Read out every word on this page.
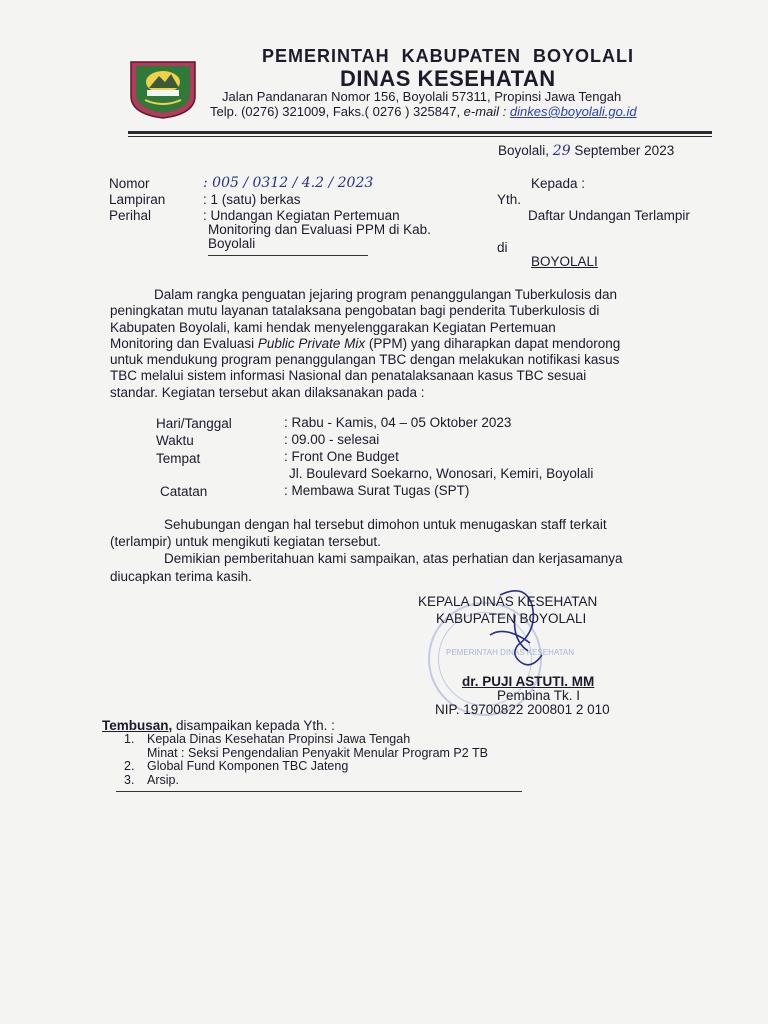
PEMERINTAH KABUPATEN BOYOLALI
DINAS KESEHATAN
Jalan Pandanaran Nomor 156, Boyolali 57311, Propinsi Jawa Tengah
Telp. (0276) 321009, Faks.( 0276 ) 325847, e-mail : dinkes@boyolali.go.id
Boyolali, 29 September 2023
Nomor	: 005 / 0312 / 4.2 / 2023
Lampiran	: 1 (satu) berkas
Perihal	: Undangan Kegiatan Pertemuan
Monitoring dan Evaluasi PPM di Kab.
Boyolali
Kepada :
Yth.
Daftar Undangan Terlampir
di
BOYOLALI
Dalam rangka penguatan jejaring program penanggulangan Tuberkulosis dan
peningkatan mutu layanan tatalaksana pengobatan bagi penderita Tuberkulosis di
Kabupaten Boyolali, kami hendak menyelenggarakan Kegiatan Pertemuan
Monitoring dan Evaluasi Public Private Mix (PPM) yang diharapkan dapat mendorong
untuk mendukung program penanggulangan TBC dengan melakukan notifikasi kasus
TBC melalui sistem informasi Nasional dan penatalaksanaan kasus TBC sesuai
standar. Kegiatan tersebut akan dilaksanakan pada :
Hari/Tanggal	: Rabu - Kamis, 04 – 05 Oktober 2023
Waktu	: 09.00 - selesai
Tempat	: Front One Budget
Jl. Boulevard Soekarno, Wonosari, Kemiri, Boyolali
Catatan	: Membawa Surat Tugas (SPT)
Sehubungan dengan hal tersebut dimohon untuk menugaskan staff terkait
(terlampir) untuk mengikuti kegiatan tersebut.
Demikian pemberitahuan kami sampaikan, atas perhatian dan kerjasamanya
diucapkan terima kasih.
PEMERINTAH DINAS KESEHATAN
KEPALA DINAS KESEHATAN
KABUPATEN BOYOLALI
dr. PUJI ASTUTI. MM
Pembina Tk. I
NIP. 19700822 200801 2 010
Tembusan, disampaikan kepada Yth. :
1. Kepala Dinas Kesehatan Propinsi Jawa Tengah
Minat : Seksi Pengendalian Penyakit Menular Program P2 TB
2. Global Fund Komponen TBC Jateng
3. Arsip.
